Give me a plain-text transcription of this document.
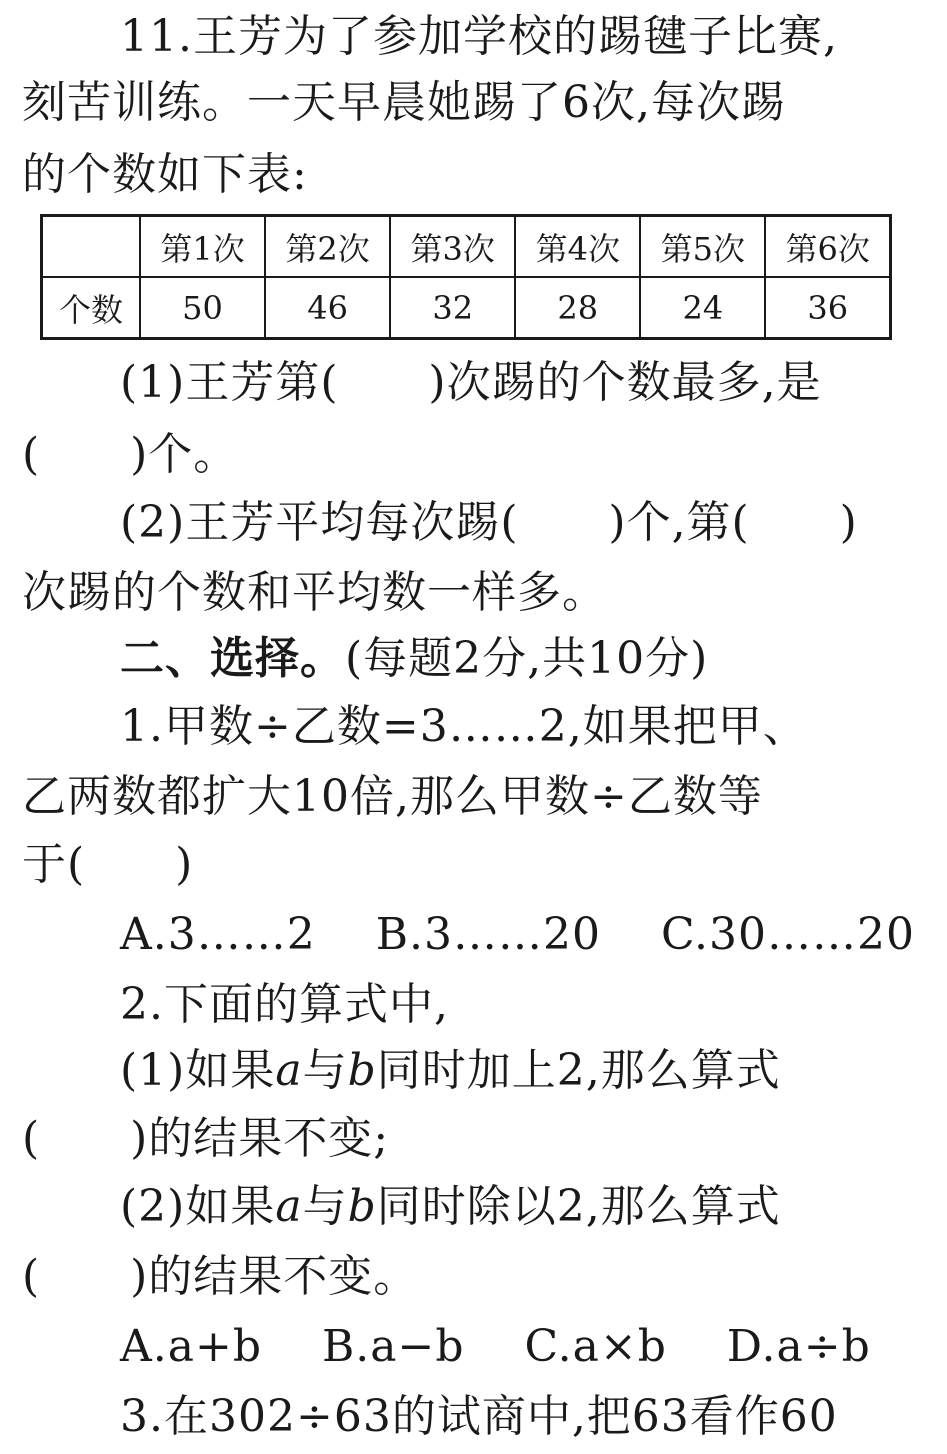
11.王芳为了参加学校的踢毽子比赛,
刻苦训练。一天早晨她踢了6次,每次踢
的个数如下表:
	第1次	第2次	第3次	第4次	第5次	第6次
个数	50	46	32	28	24	36
(1)王芳第(      )次踢的个数最多,是
(      )个。
(2)王芳平均每次踢(      )个,第(      )
次踢的个数和平均数一样多。
二、选择。(每题2分,共10分)
1.甲数÷乙数=3……2,如果把甲、
乙两数都扩大10倍,那么甲数÷乙数等
于(      )
A.3……2    B.3……20    C.30……20
2.下面的算式中,
(1)如果a与b同时加上2,那么算式
(      )的结果不变;
(2)如果a与b同时除以2,那么算式
(      )的结果不变。
A.a+b    B.a−b    C.a×b    D.a÷b
3.在302÷63的试商中,把63看作60
